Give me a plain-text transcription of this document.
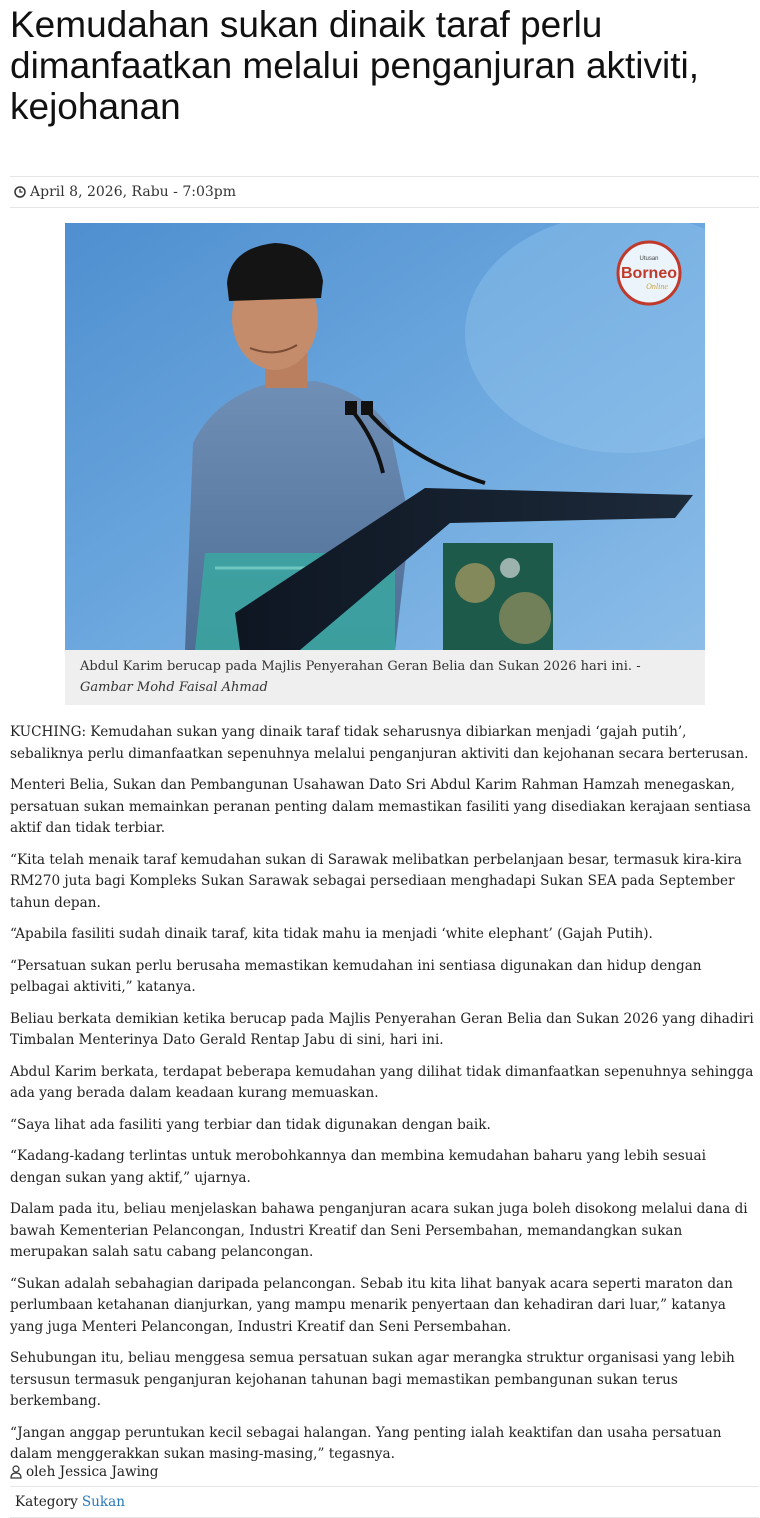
Kemudahan sukan dinaik taraf perlu dimanfaatkan melalui penganjuran aktiviti, kejohanan
April 8, 2026, Rabu - 7:03pm
Utusan
Borneo
Online
Abdul Karim berucap pada Majlis Penyerahan Geran Belia dan Sukan 2026 hari ini. - Gambar Mohd Faisal Ahmad

KUCHING: Kemudahan sukan yang dinaik taraf tidak seharusnya dibiarkan menjadi ‘gajah putih’, sebaliknya perlu dimanfaatkan sepenuhnya melalui penganjuran aktiviti dan kejohanan secara berterusan.

Menteri Belia, Sukan dan Pembangunan Usahawan Dato Sri Abdul Karim Rahman Hamzah menegaskan, persatuan sukan memainkan peranan penting dalam memastikan fasiliti yang disediakan kerajaan sentiasa aktif dan tidak terbiar.

“Kita telah menaik taraf kemudahan sukan di Sarawak melibatkan perbelanjaan besar, termasuk kira-kira RM270 juta bagi Kompleks Sukan Sarawak sebagai persediaan menghadapi Sukan SEA pada September tahun depan.

“Apabila fasiliti sudah dinaik taraf, kita tidak mahu ia menjadi ‘white elephant’ (Gajah Putih).

“Persatuan sukan perlu berusaha memastikan kemudahan ini sentiasa digunakan dan hidup dengan pelbagai aktiviti,” katanya.

Beliau berkata demikian ketika berucap pada Majlis Penyerahan Geran Belia dan Sukan 2026 yang dihadiri Timbalan Menterinya Dato Gerald Rentap Jabu di sini, hari ini.

Abdul Karim berkata, terdapat beberapa kemudahan yang dilihat tidak dimanfaatkan sepenuhnya sehingga ada yang berada dalam keadaan kurang memuaskan.

“Saya lihat ada fasiliti yang terbiar dan tidak digunakan dengan baik.

“Kadang-kadang terlintas untuk merobohkannya dan membina kemudahan baharu yang lebih sesuai dengan sukan yang aktif,” ujarnya.

Dalam pada itu, beliau menjelaskan bahawa penganjuran acara sukan juga boleh disokong melalui dana di bawah Kementerian Pelancongan, Industri Kreatif dan Seni Persembahan, memandangkan sukan merupakan salah satu cabang pelancongan.

“Sukan adalah sebahagian daripada pelancongan. Sebab itu kita lihat banyak acara seperti maraton dan perlumbaan ketahanan dianjurkan, yang mampu menarik penyertaan dan kehadiran dari luar,” katanya yang juga Menteri Pelancongan, Industri Kreatif dan Seni Persembahan.

Sehubungan itu, beliau menggesa semua persatuan sukan agar merangka struktur organisasi yang lebih tersusun termasuk penganjuran kejohanan tahunan bagi memastikan pembangunan sukan terus berkembang.

“Jangan anggap peruntukan kecil sebagai halangan. Yang penting ialah keaktifan dan usaha persatuan dalam menggerakkan sukan masing-masing,” tegasnya.

oleh Jessica Jawing
Kategory Sukan
